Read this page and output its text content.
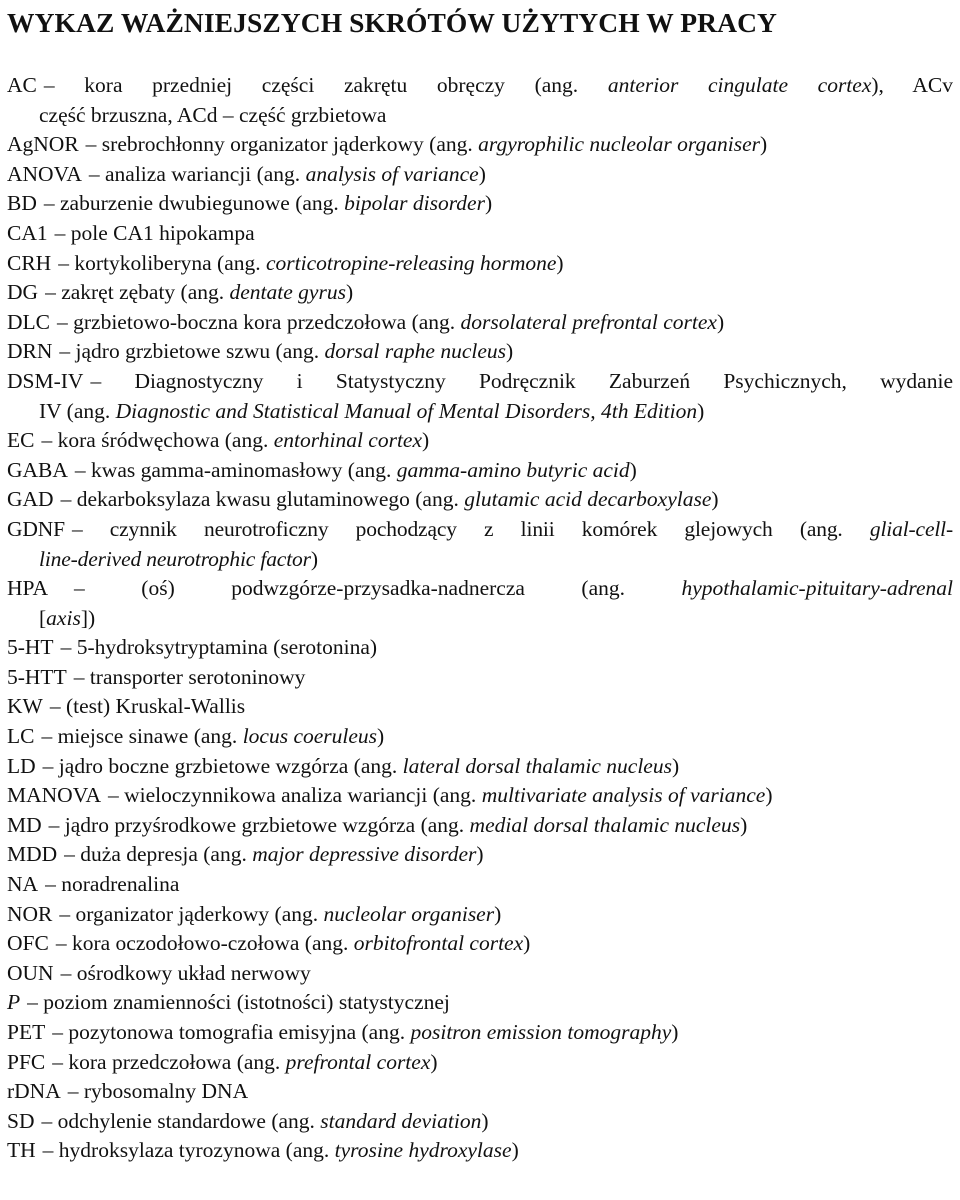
WYKAZ WAŻNIEJSZYCH SKRÓTÓW UŻYTYCH W PRACY
AC – kora przedniej części zakrętu obręczy (ang. anterior cingulate cortex), ACv
część brzuszna, ACd – część grzbietowa
AgNOR – srebrochłonny organizator jąderkowy (ang. argyrophilic nucleolar organiser)
ANOVA – analiza wariancji (ang. analysis of variance)
BD – zaburzenie dwubiegunowe (ang. bipolar disorder)
CA1 – pole CA1 hipokampa
CRH – kortykoliberyna (ang. corticotropine-releasing hormone)
DG – zakręt zębaty (ang. dentate gyrus)
DLC – grzbietowo-boczna kora przedczołowa (ang. dorsolateral prefrontal cortex)
DRN – jądro grzbietowe szwu (ang. dorsal raphe nucleus)
DSM-IV – Diagnostyczny i Statystyczny Podręcznik Zaburzeń Psychicznych, wydanie
IV (ang. Diagnostic and Statistical Manual of Mental Disorders, 4th Edition)
EC – kora śródwęchowa (ang. entorhinal cortex)
GABA – kwas gamma-aminomasłowy (ang. gamma-amino butyric acid)
GAD – dekarboksylaza kwasu glutaminowego (ang. glutamic acid decarboxylase)
GDNF – czynnik neurotroficzny pochodzący z linii komórek glejowych (ang. glial-cell-
line-derived neurotrophic factor)
HPA – (oś) podwzgórze-przysadka-nadnercza (ang. hypothalamic-pituitary-adrenal
[axis])
5-HT – 5-hydroksytryptamina (serotonina)
5-HTT – transporter serotoninowy
KW – (test) Kruskal-Wallis
LC – miejsce sinawe (ang. locus coeruleus)
LD – jądro boczne grzbietowe wzgórza (ang. lateral dorsal thalamic nucleus)
MANOVA – wieloczynnikowa analiza wariancji (ang. multivariate analysis of variance)
MD – jądro przyśrodkowe grzbietowe wzgórza (ang. medial dorsal thalamic nucleus)
MDD – duża depresja (ang. major depressive disorder)
NA – noradrenalina
NOR – organizator jąderkowy (ang. nucleolar organiser)
OFC – kora oczodołowo-czołowa (ang. orbitofrontal cortex)
OUN – ośrodkowy układ nerwowy
P – poziom znamienności (istotności) statystycznej
PET – pozytonowa tomografia emisyjna (ang. positron emission tomography)
PFC – kora przedczołowa (ang. prefrontal cortex)
rDNA – rybosomalny DNA
SD – odchylenie standardowe (ang. standard deviation)
TH – hydroksylaza tyrozynowa (ang. tyrosine hydroxylase)
